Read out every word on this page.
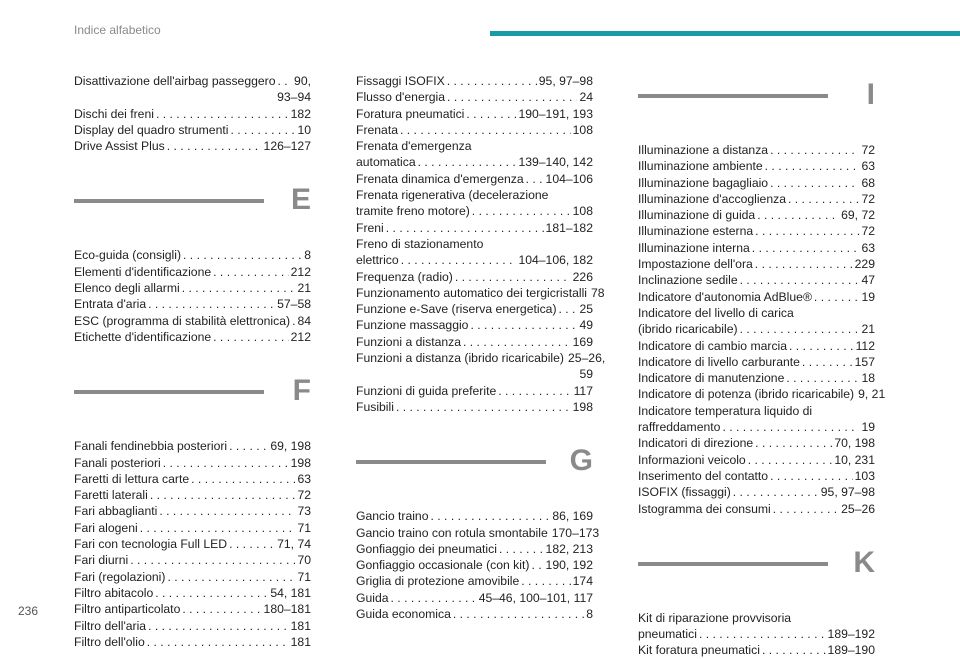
Indice alfabetico
236
Disattivazione dell'airbag passeggero . . . 90,
93–94
Dischi dei freni . . .	182
Display del quadro strumenti . . .	10
Drive Assist Plus . . .	126–127
E
Eco-guida (consigli) . . .	8
Elementi d'identificazione . . .	212
Elenco degli allarmi . . .	21
Entrata d'aria . . .	57–58
ESC (programma di stabilità elettronica) . . . 84
Etichette d'identificazione . . .	212
F
Fanali fendinebbia posteriori . . .	69, 198
Fanali posteriori . . .	198
Faretti di lettura carte . . .	63
Faretti laterali . . .	72
Fari abbaglianti . . .	73
Fari alogeni . . .	71
Fari con tecnologia Full LED . . .	71, 74
Fari diurni . . .	70
Fari (regolazioni) . . .	71
Filtro abitacolo . . .	54, 181
Filtro antiparticolato . . .	180–181
Filtro dell'aria . . .	181
Filtro dell'olio . . .	181
Fissaggi ISOFIX . . .	95, 97–98
Flusso d'energia . . .	24
Foratura pneumatici . . .	190–191, 193
Frenata . . .	108
Frenata d'emergenza
automatica . . .	139–140, 142
Frenata dinamica d'emergenza . . . 104–106
Frenata rigenerativa (decelerazione
tramite freno motore) . . .	108
Freni . . .	181–182
Freno di stazionamento
elettrico . . .	104–106, 182
Frequenza (radio) . . .	226
Funzionamento automatico dei tergicristalli 78
Funzione e-Save (riserva energetica) . . . 25
Funzione massaggio . . .	49
Funzioni a distanza . . .	169
Funzioni a distanza (ibrido ricaricabile) 25–26,
59
Funzioni di guida preferite . . .	117
Fusibili . . .	198
G
Gancio traino . . .	86, 169
Gancio traino con rotula smontabile 170–173
Gonfiaggio dei pneumatici . . .	182, 213
Gonfiaggio occasionale (con kit) . . . 190, 192
Griglia di protezione amovibile . . .	174
Guida . . .	45–46, 100–101, 117
Guida economica . . .	8
I
Illuminazione a distanza . . .	72
Illuminazione ambiente . . .	63
Illuminazione bagagliaio . . .	68
Illuminazione d'accoglienza . . .	72
Illuminazione di guida . . .	69, 72
Illuminazione esterna . . .	72
Illuminazione interna . . .	63
Impostazione dell'ora . . .	229
Inclinazione sedile . . .	47
Indicatore d'autonomia AdBlue® . . .	19
Indicatore del livello di carica
(ibrido ricaricabile) . . .	21
Indicatore di cambio marcia . . .	112
Indicatore di livello carburante . . .	157
Indicatore di manutenzione . . .	18
Indicatore di potenza (ibrido ricaricabile) 9, 21
Indicatore temperatura liquido di
raffreddamento . . .	19
Indicatori di direzione . . .	70, 198
Informazioni veicolo . . .	10, 231
Inserimento del contatto . . .	103
ISOFIX (fissaggi) . . .	95, 97–98
Istogramma dei consumi . . .	25–26
K
Kit di riparazione provvisoria
pneumatici . . .	189–192
Kit foratura pneumatici . . .	189–190
